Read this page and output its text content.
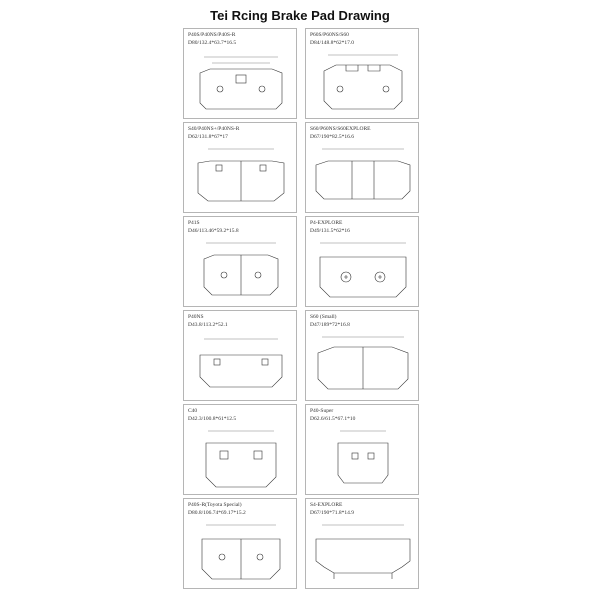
Tei Rcing Brake Pad Drawing
P40S/P40NS/P40S-R
D80/132.4*63.7*16.5
P60S/P60NS/S60
D84/148.8*62*17.0
S40/P40NS+/P40NS-R
D62/131.8*67*17
S60/P60NS/S60EXPLORE
D67/190*82.5*16.6
P41S
D46/113.46*59.2*15.8
P4-EXPLORE
D49/131.5*62*16
P40NS
D43.8/113.2*52.1
S60 (Small)
D47/189*72*16.8
C40
D42.3/100.8*61*12.5
P40-Super
D62.6/61.5*67.1*10
P40S-R(Toyota Special)
D80.8/106.74*69.17*15.2
S4-EXPLORE
D67/190*71.8*14.9
